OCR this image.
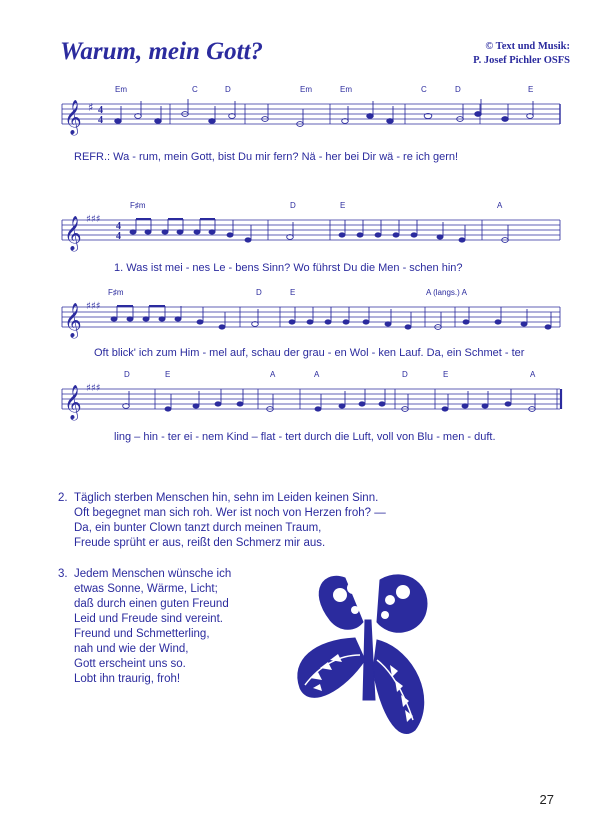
Warum, mein Gott?	© Text und Musik:
P. Josef Pichler OSFS
Em	C	D	Em	Em	C	D	E
𝄞 ♯ 4
4
REFR.: Wa - rum, mein Gott, bist Du mir fern? Nä - her bei Dir wä - re ich gern!
F♯m	D	E	A
𝄞 ♯♯♯
4
4
1. Was ist mei - nes Le - bens Sinn? Wo führst Du die Men - schen hin?
F♯m	D	E	A (langs.) A
𝄞 ♯♯♯
Oft blick' ich zum Him - mel auf, schau der grau - en Wol - ken Lauf. Da, ein Schmet - ter
D	E	A	A	D	E	A
𝄞 ♯♯♯
ling – hin - ter ei - nem Kind – flat - tert durch die Luft, voll von Blu - men - duft.
2. Täglich sterben Menschen hin, sehn im Leiden keinen Sinn.
Oft begegnet man sich roh. Wer ist noch von Herzen froh? —
Da, ein bunter Clown tanzt durch meinen Traum,
Freude sprüht er aus, reißt den Schmerz mir aus.
3. Jedem Menschen wünsche ich
etwas Sonne, Wärme, Licht;
daß durch einen guten Freund
Leid und Freude sind vereint.
Freund und Schmetterling,
nah und wie der Wind,
Gott erscheint uns so.
Lobt ihn traurig, froh!
27
